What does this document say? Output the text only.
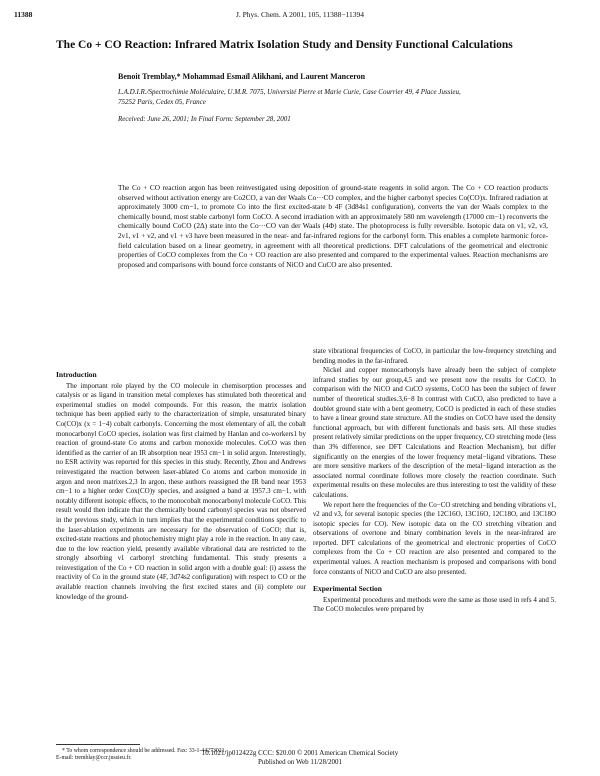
11388	J. Phys. Chem. A 2001, 105, 11388−11394
The Co + CO Reaction: Infrared Matrix Isolation Study and Density Functional Calculations
Benoit Tremblay,* Mohammad Esmaïl Alikhani, and Laurent Manceron
L.A.D.I.R./Spectrochimie Moléculaire, U.M.R. 7075, Université Pierre et Marie Curie, Case Courrier 49, 4 Place Jussieu, 75252 Paris, Cedex 05, France
Received: June 26, 2001; In Final Form: September 28, 2001
The Co + CO reaction argon has been reinvestigated using deposition of ground-state reagents in solid argon. The Co + CO reaction products observed without activation energy are Co2CO, a van der Waals Co···CO complex, and the higher carbonyl species Co(CO)x. Infrared radiation at approximately 3000 cm−1, to promote Co into the first excited-state b 4F (3d84s1 configuration), converts the van der Waals complex to the chemically bound, most stable carbonyl form CoCO. A second irradiation with an approximately 580 nm wavelength (17000 cm−1) reconverts the chemically bound CoCO (2Δ) state into the Co···CO van der Waals (4Φ) state. The photoprocess is fully reversible. Isotopic data on ν1, ν2, ν3, 2ν1, ν1 + ν2, and ν1 + ν3 have been measured in the near- and far-infrared regions for the carbonyl form. This enables a complete harmonic force-field calculation based on a linear geometry, in agreement with all theoretical predictions. DFT calculations of the geometrical and electronic properties of CoCO complexes from the Co + CO reaction are also presented and compared to the experimental values. Reaction mechanisms are proposed and comparisons with bound force constants of NiCO and CuCO are also presented.
Introduction

The important role played by the CO molecule in chemisorption processes and catalysis or as ligand in transition metal complexes has stimulated both theoretical and experimental studies on model compounds. For this reason, the matrix isolation technique has been applied early to the characterization of simple, unsaturated binary Co(CO)x (x = 1−4) cobalt carbonyls. Concerning the most elementary of all, the cobalt monocarbonyl CoCO species, isolation was first claimed by Hanlan and co-workers1 by reaction of ground-state Co atoms and carbon monoxide molecules. CoCO was then identified as the carrier of an IR absorption near 1953 cm−1 in solid argon. Interestingly, no ESR activity was reported for this species in this study. Recently, Zhou and Andrews reinvestigated the reaction between laser-ablated Co atoms and carbon monoxide in argon and neon matrixes.2,3 In argon, these authors reassigned the IR band near 1953 cm−1 to a higher order Cox(CO)y species, and assigned a band at 1957.3 cm−1, with notably different isotopic effects, to the monocobalt monocarbonyl molecule CoCO. This result would then indicate that the chemically bound carbonyl species was not observed in the previous study, which in turn implies that the experimental conditions specific to the laser-ablation experiments are necessary for the observation of CoCO; that is, excited-state reactions and photochemistry might play a role in the reaction. In any case, due to the low reaction yield, presently available vibrational data are restricted to the strongly absorbing ν1 carbonyl stretching fundamental. This study presents a reinvestigation of the Co + CO reaction in solid argon with a double goal: (i) assess the reactivity of Co in the ground state (4F, 3d74s2 configuration) with respect to CO or the available reaction channels involving the first excited states and (ii) complete our knowledge of the ground-

state vibrational frequencies of CoCO, in particular the low-frequency stretching and bending modes in the far-infrared.

Nickel and copper monocarbonyls have already been the subject of complete infrared studies by our group,4,5 and we present now the results for CoCO. In comparison with the NiCO and CuCO systems, CoCO has been the subject of fewer number of theoretical studies.3,6−8 In contrast with CuCO, also predicted to have a doublet ground state with a bent geometry, CoCO is predicted in each of these studies to have a linear ground state structure. All the studies on CoCO have used the density functional approach, but with different functionals and basis sets. All these studies present relatively similar predictions on the upper frequency, CO stretching mode (less than 3% difference, see DFT Calculations and Reaction Mechanism), but differ significantly on the energies of the lower frequency metal−ligand vibrations. These are more sensitive markers of the description of the metal−ligand interaction as the associated normal coordinate follows more closely the reaction coordinate. Such experimental results on these molecules are thus interesting to test the validity of these calculations.

We report here the frequencies of the Co−CO stretching and bending vibrations ν1, ν2 and ν3, for several isotopic species (the 12C16O, 13C16O, 12C18O, and 13C18O isotopic species for CO). New isotopic data on the CO stretching vibration and observations of overtone and binary combination levels in the near-infrared are reported. DFT calculations of the geometrical and electronic properties of CoCO complexes from the Co + CO reaction are also presented and compared to the experimental values. A reaction mechanism is proposed and comparisons with bond force constants of NiCO and CuCO are also presented.

Experimental Section

Experimental procedures and methods were the same as those used in refs 4 and 5. The CoCO molecules were prepared by

* To whom correspondence should be addressed. Fax: 33-1-44273021.

E-mail: tremblay@ccr.jussieu.fr.
10.1021/jp012422g CCC: $20.00 © 2001 American Chemical Society
Published on Web 11/28/2001
